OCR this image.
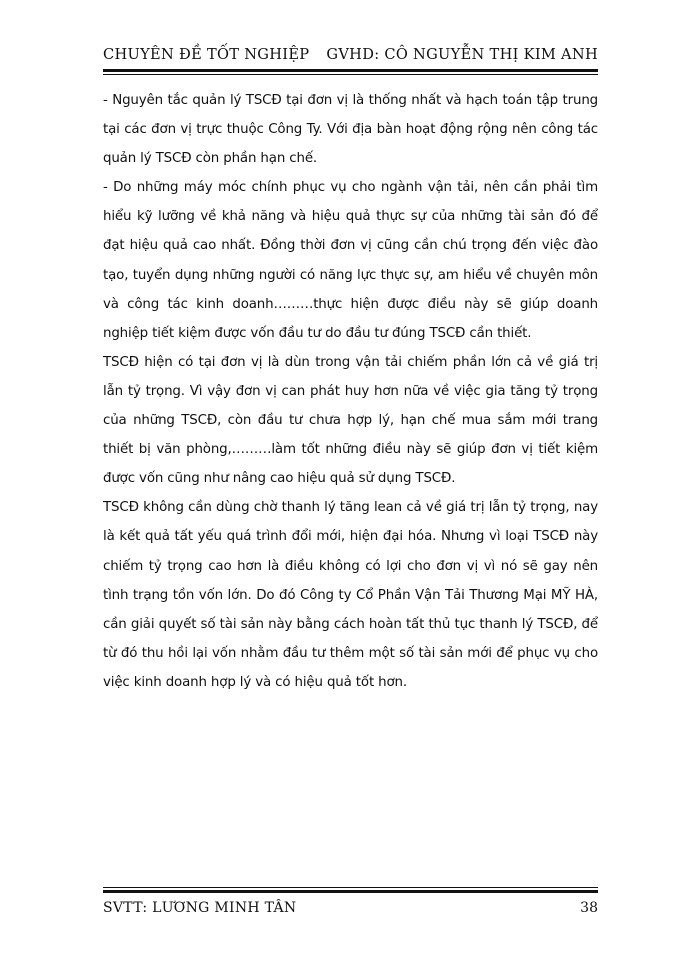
CHUYÊN ĐỀ TỐT NGHIỆP GVHD: CÔ NGUYỄN THỊ KIM ANH

- Nguyên tắc quản lý TSCĐ tại đơn vị là thống nhất và hạch toán tập trung tại các đơn vị trực thuộc Công Ty. Với địa bàn hoạt động rộng nên công tác quản lý TSCĐ còn phần hạn chế.

- Do những máy móc chính phục vụ cho ngành vận tải, nên cần phải tìm hiểu kỹ lưỡng về khả năng và hiệu quả thực sự của những tài sản đó để đạt hiệu quả cao nhất. Đồng thời đơn vị cũng cần chú trọng đến việc đào tạo, tuyển dụng những người có năng lực thực sự, am hiểu về chuyên môn và công tác kinh doanh………thực hiện được điều này sẽ giúp doanh nghiệp tiết kiệm được vốn đầu tư do đầu tư đúng TSCĐ cần thiết.

TSCĐ hiện có tại đơn vị là dùn trong vận tải chiếm phần lớn cả về giá trị lẫn tỷ trọng. Vì vậy đơn vị can phát huy hơn nữa về việc gia tăng tỷ trọng của những TSCĐ, còn đầu tư chưa hợp lý, hạn chế mua sắm mới trang thiết bị văn phòng,………làm tốt những điều này sẽ giúp đơn vị tiết kiệm được vốn cũng như nâng cao hiệu quả sử dụng TSCĐ.

TSCĐ không cần dùng chờ thanh lý tăng lean cả về giá trị lẫn tỷ trọng, nay là kết quả tất yếu quá trình đổi mới, hiện đại hóa. Nhưng vì loại TSCĐ này chiếm tỷ trọng cao hơn là điều không có lợi cho đơn vị vì nó sẽ gay nên tình trạng tồn vốn lớn. Do đó Công ty Cổ Phần Vận Tải Thương Mại MỸ HÀ, cần giải quyết số tài sản này bằng cách hoàn tất thủ tục thanh lý TSCĐ, để từ đó thu hồi lại vốn nhằm đầu tư thêm một số tài sản mới để phục vụ cho việc kinh doanh hợp lý và có hiệu quả tốt hơn.

SVTT: LƯƠNG MINH TÂN	38
